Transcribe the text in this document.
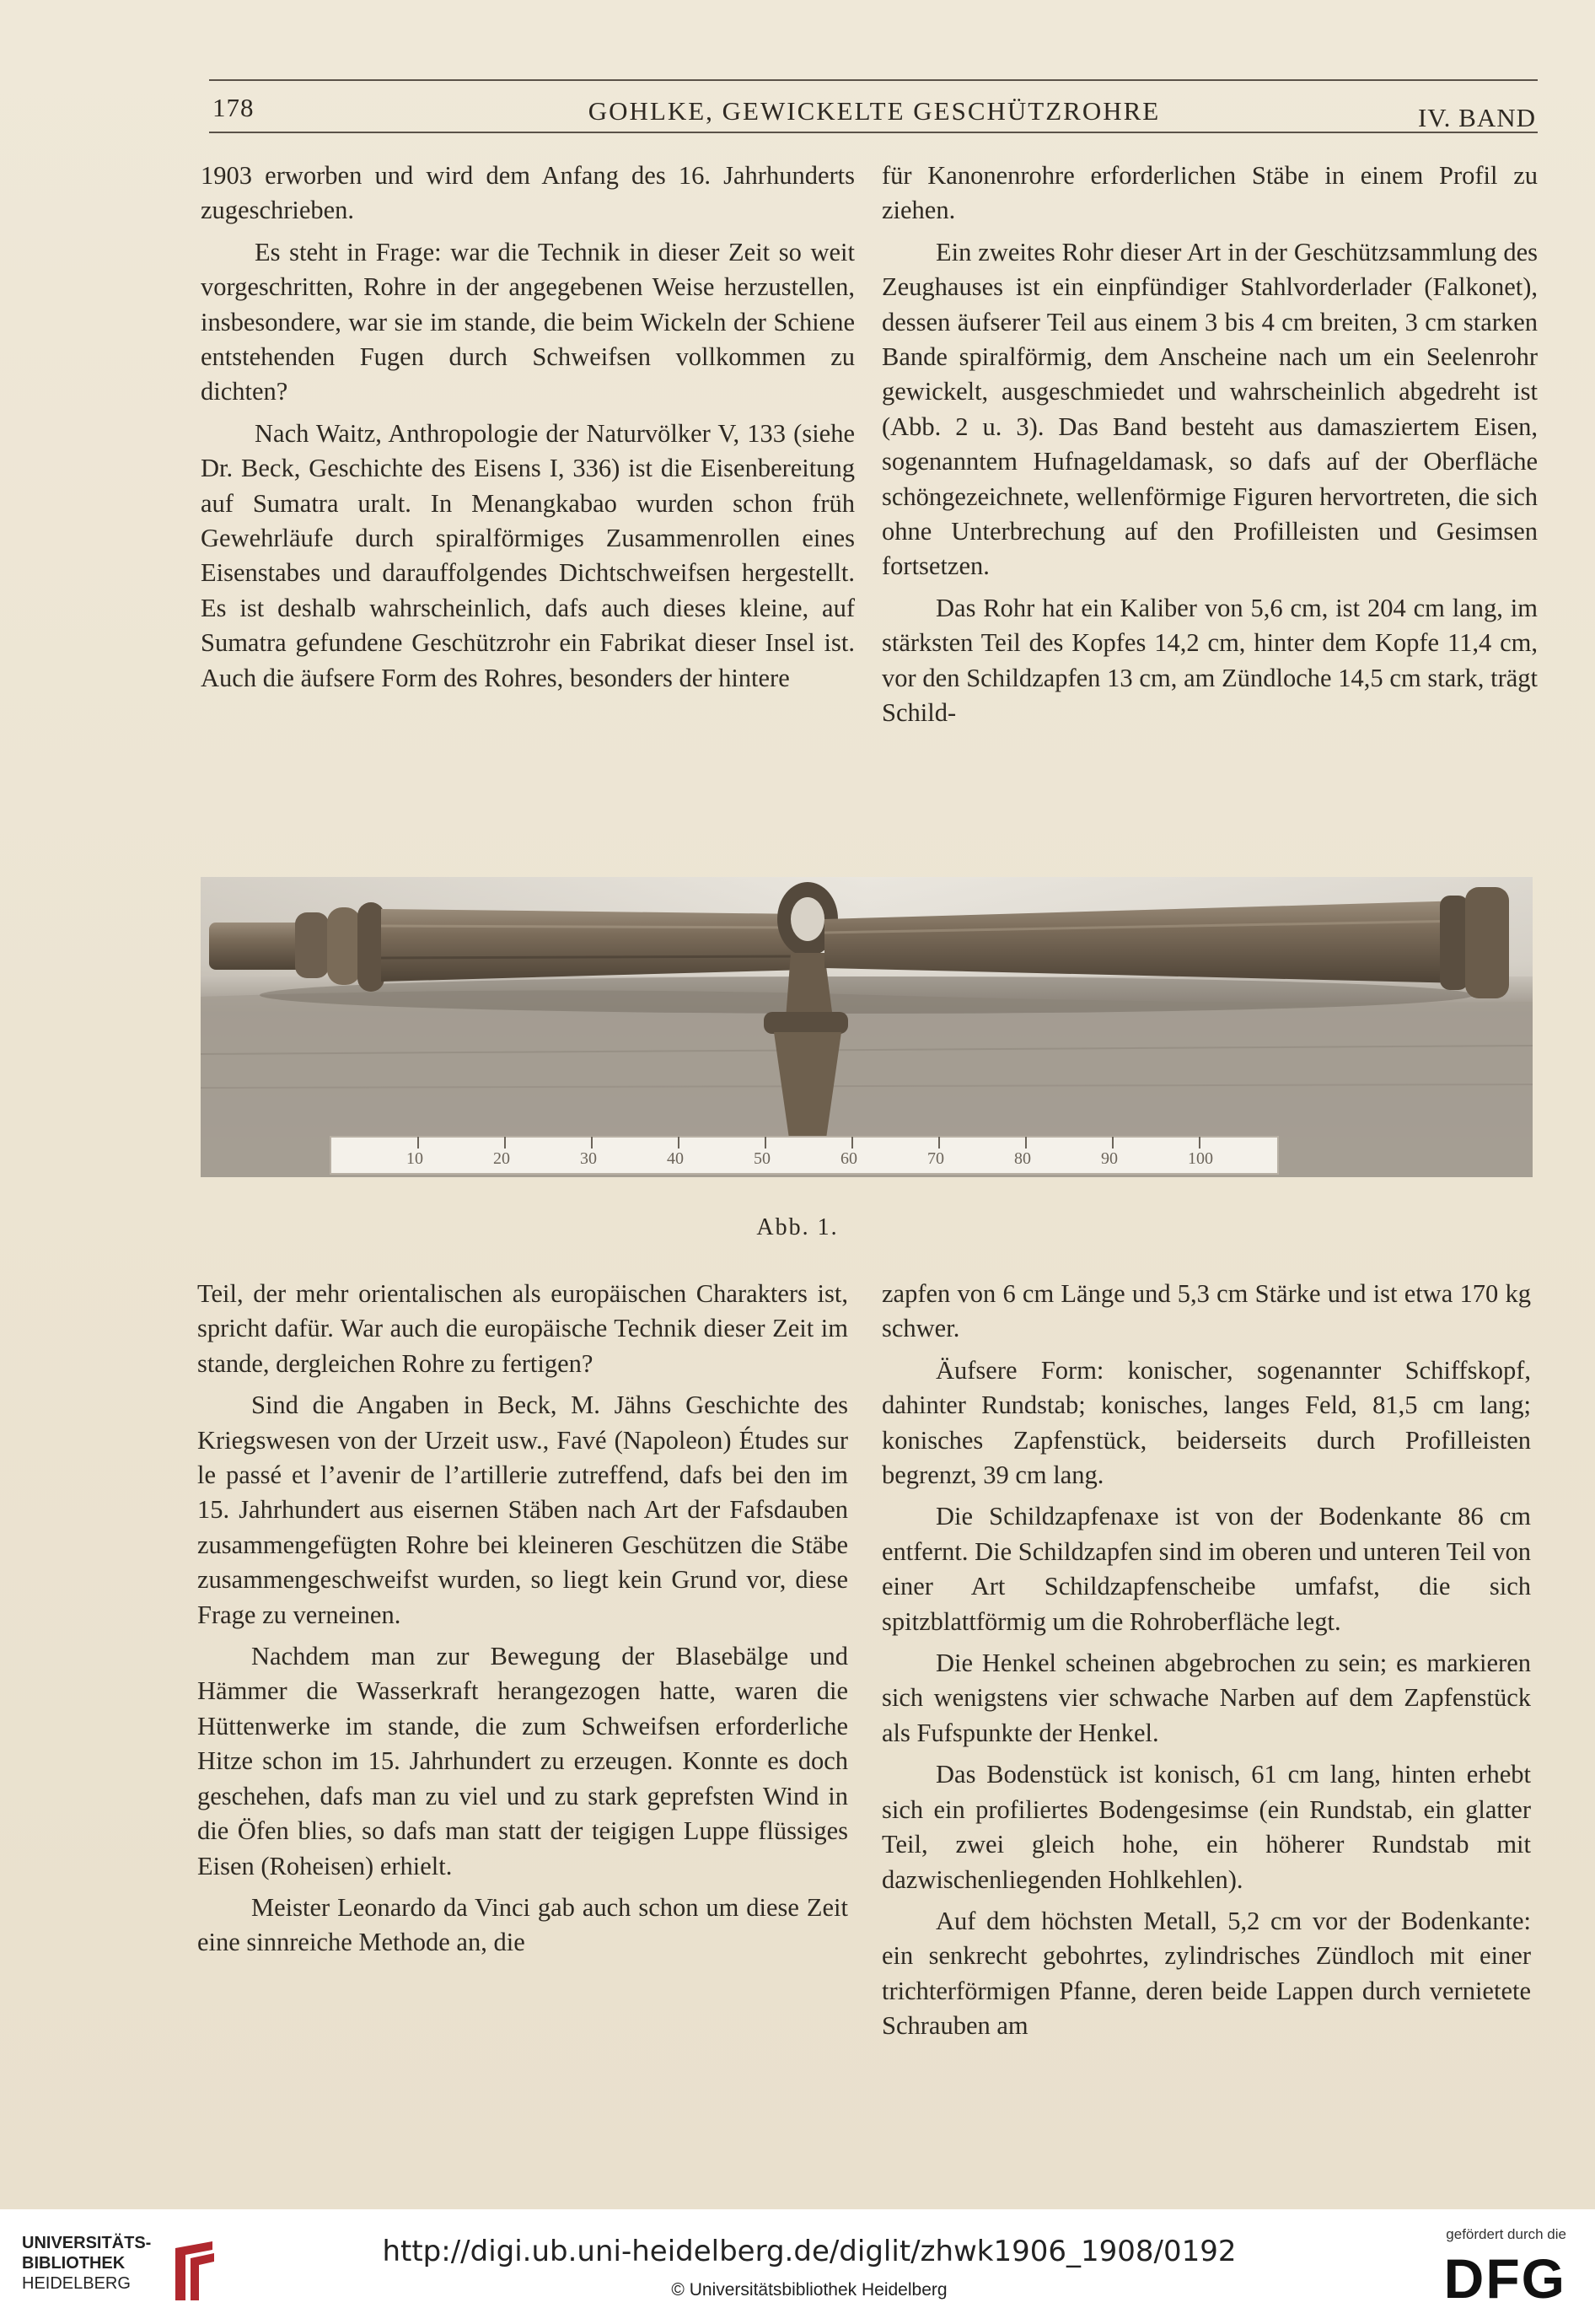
178	GOHLKE, GEWICKELTE GESCHÜTZROHRE	IV. BAND

1903 erworben und wird dem Anfang des 16. Jahrhunderts zugeschrieben.

Es steht in Frage: war die Technik in dieser Zeit so weit vorgeschritten, Rohre in der angegebenen Weise herzustellen, insbesondere, war sie im stande, die beim Wickeln der Schiene entstehenden Fugen durch Schweifsen vollkommen zu dichten?

Nach Waitz, Anthropologie der Naturvölker V, 133 (siehe Dr. Beck, Geschichte des Eisens I, 336) ist die Eisenbereitung auf Sumatra uralt. In Menangkabao wurden schon früh Gewehrläufe durch spiralförmiges Zusammenrollen eines Eisenstabes und darauffolgendes Dichtschweifsen hergestellt. Es ist deshalb wahrscheinlich, dafs auch dieses kleine, auf Sumatra gefundene Geschützrohr ein Fabrikat dieser Insel ist. Auch die äufsere Form des Rohres, besonders der hintere

für Kanonenrohre erforderlichen Stäbe in einem Profil zu ziehen.

Ein zweites Rohr dieser Art in der Geschützsammlung des Zeughauses ist ein einpfündiger Stahlvorderlader (Falkonet), dessen äufserer Teil aus einem 3 bis 4 cm breiten, 3 cm starken Bande spiralförmig, dem Anscheine nach um ein Seelenrohr gewickelt, ausgeschmiedet und wahrscheinlich abgedreht ist (Abb. 2 u. 3). Das Band besteht aus damasziertem Eisen, sogenanntem Hufnageldamask, so dafs auf der Oberfläche schöngezeichnete, wellenförmige Figuren hervortreten, die sich ohne Unterbrechung auf den Profilleisten und Gesimsen fortsetzen.

Das Rohr hat ein Kaliber von 5,6 cm, ist 204 cm lang, im stärksten Teil des Kopfes 14,2 cm, hinter dem Kopfe 11,4 cm, vor den Schildzapfen 13 cm, am Zündloche 14,5 cm stark, trägt Schild-

10	20	30	40	50	60	70	80	90	100
Abb. 1.

Teil, der mehr orientalischen als europäischen Charakters ist, spricht dafür. War auch die europäische Technik dieser Zeit im stande, dergleichen Rohre zu fertigen?

Sind die Angaben in Beck, M. Jähns Geschichte des Kriegswesen von der Urzeit usw., Favé (Napoleon) Études sur le passé et l’avenir de l’artillerie zutreffend, dafs bei den im 15. Jahrhundert aus eisernen Stäben nach Art der Fafsdauben zusammengefügten Rohre bei kleineren Geschützen die Stäbe zusammengeschweifst wurden, so liegt kein Grund vor, diese Frage zu verneinen.

Nachdem man zur Bewegung der Blasebälge und Hämmer die Wasserkraft herangezogen hatte, waren die Hüttenwerke im stande, die zum Schweifsen erforderliche Hitze schon im 15. Jahrhundert zu erzeugen. Konnte es doch geschehen, dafs man zu viel und zu stark geprefsten Wind in die Öfen blies, so dafs man statt der teigigen Luppe flüssiges Eisen (Roheisen) erhielt.

Meister Leonardo da Vinci gab auch schon um diese Zeit eine sinnreiche Methode an, die

zapfen von 6 cm Länge und 5,3 cm Stärke und ist etwa 170 kg schwer.

Äufsere Form: konischer, sogenannter Schiffskopf, dahinter Rundstab; konisches, langes Feld, 81,5 cm lang; konisches Zapfenstück, beiderseits durch Profilleisten begrenzt, 39 cm lang.

Die Schildzapfenaxe ist von der Bodenkante 86 cm entfernt. Die Schildzapfen sind im oberen und unteren Teil von einer Art Schildzapfenscheibe umfafst, die sich spitzblattförmig um die Rohroberfläche legt.

Die Henkel scheinen abgebrochen zu sein; es markieren sich wenigstens vier schwache Narben auf dem Zapfenstück als Fufspunkte der Henkel.

Das Bodenstück ist konisch, 61 cm lang, hinten erhebt sich ein profiliertes Bodengesimse (ein Rundstab, ein glatter Teil, zwei gleich hohe, ein höherer Rundstab mit dazwischenliegenden Hohlkehlen).

Auf dem höchsten Metall, 5,2 cm vor der Bodenkante: ein senkrecht gebohrtes, zylindrisches Zündloch mit einer trichterförmigen Pfanne, deren beide Lappen durch vernietete Schrauben am

UNIVERSITÄTS-
BIBLIOTHEK
HEIDELBERG
http://digi.ub.uni-heidelberg.de/diglit/zhwk1906_1908/0192
© Universitätsbibliothek Heidelberg
gefördert durch die
DFG
